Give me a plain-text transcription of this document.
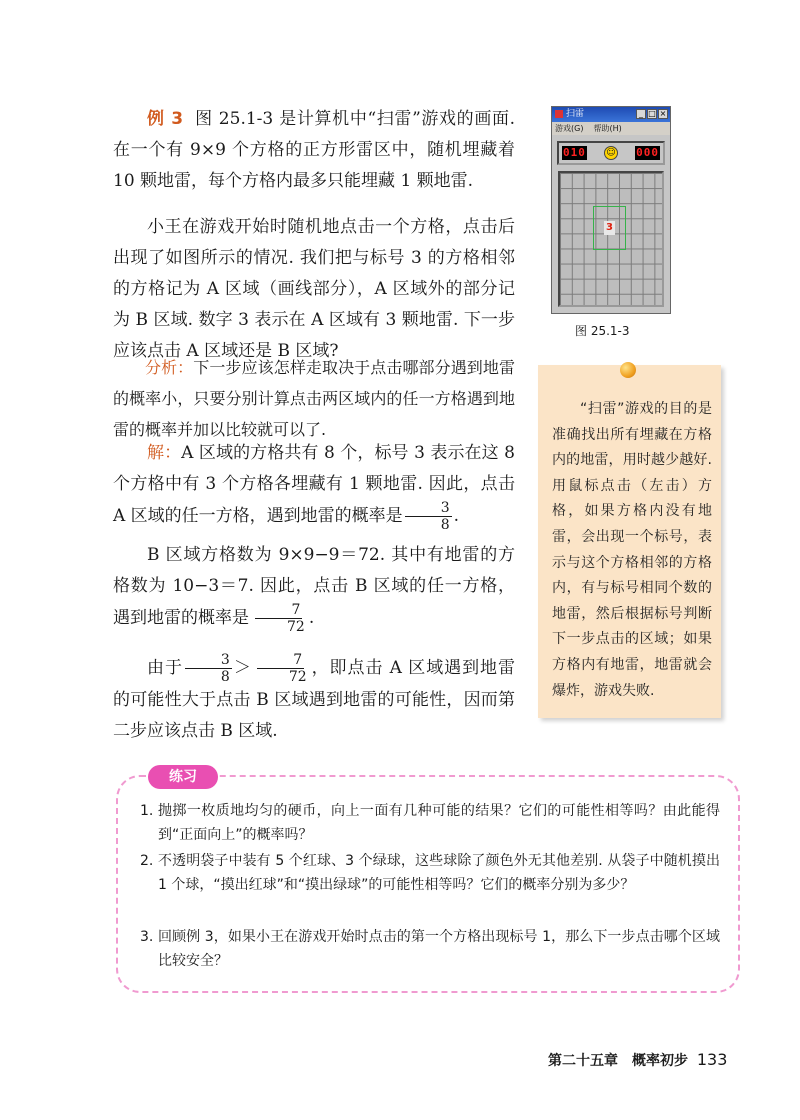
例 3 图 25.1-3 是计算机中“扫雷”游戏的画面. 在一个有 9×9 个方格的正方形雷区中，随机埋藏着 10 颗地雷，每个方格内最多只能埋藏 1 颗地雷.

小王在游戏开始时随机地点击一个方格，点击后出现了如图所示的情况. 我们把与标号 3 的方格相邻的方格记为 A 区域（画线部分），A 区域外的部分记为 B 区域. 数字 3 表示在 A 区域有 3 颗地雷. 下一步应该点击 A 区域还是 B 区域?

分析：下一步应该怎样走取决于点击哪部分遇到地雷的概率小，只要分别计算点击两区域内的任一方格遇到地雷的概率并加以比较就可以了.

解：A 区域的方格共有 8 个，标号 3 表示在这 8 个方格中有 3 个方格各埋藏有 1 颗地雷. 因此，点击 A 区域的任一方格，遇到地雷的概率是 $\frac{3}{8}$ .

B 区域方格数为 9×9−9＝72. 其中有地雷的方格数为 10−3＝7. 因此，点击 B 区域的任一方格，遇到地雷的概率是 $\frac{7}{72}$ .

由于 $\frac{3}{8} > \frac{7}{72}$ ，即点击 A 区域遇到地雷的可能性大于点击 B 区域遇到地雷的可能性，因而第二步应该点击 B 区域.

扫雷	_ □ ×
游戏(G) 帮助(H)
010 ☺ 000
3
图 25.1-3

“扫雷”游戏的目的是准确找出所有埋藏在方格内的地雷，用时越少越好. 用鼠标点击（左击）方格，如果方格内没有地雷，会出现一个标号，表示与这个方格相邻的方格内，有与标号相同个数的地雷，然后根据标号判断下一步点击的区域；如果方格内有地雷，地雷就会爆炸，游戏失败.

练习
1. 抛掷一枚质地均匀的硬币，向上一面有几种可能的结果？它们的可能性相等吗？由此能得到“正面向上”的概率吗？
2. 不透明袋子中装有 5 个红球、3 个绿球，这些球除了颜色外无其他差别. 从袋子中随机摸出 1 个球，“摸出红球”和“摸出绿球”的可能性相等吗？它们的概率分别为多少？
3. 回顾例 3，如果小王在游戏开始时点击的第一个方格出现标号 1，那么下一步点击哪个区域比较安全？
第二十五章　概率初步 133
